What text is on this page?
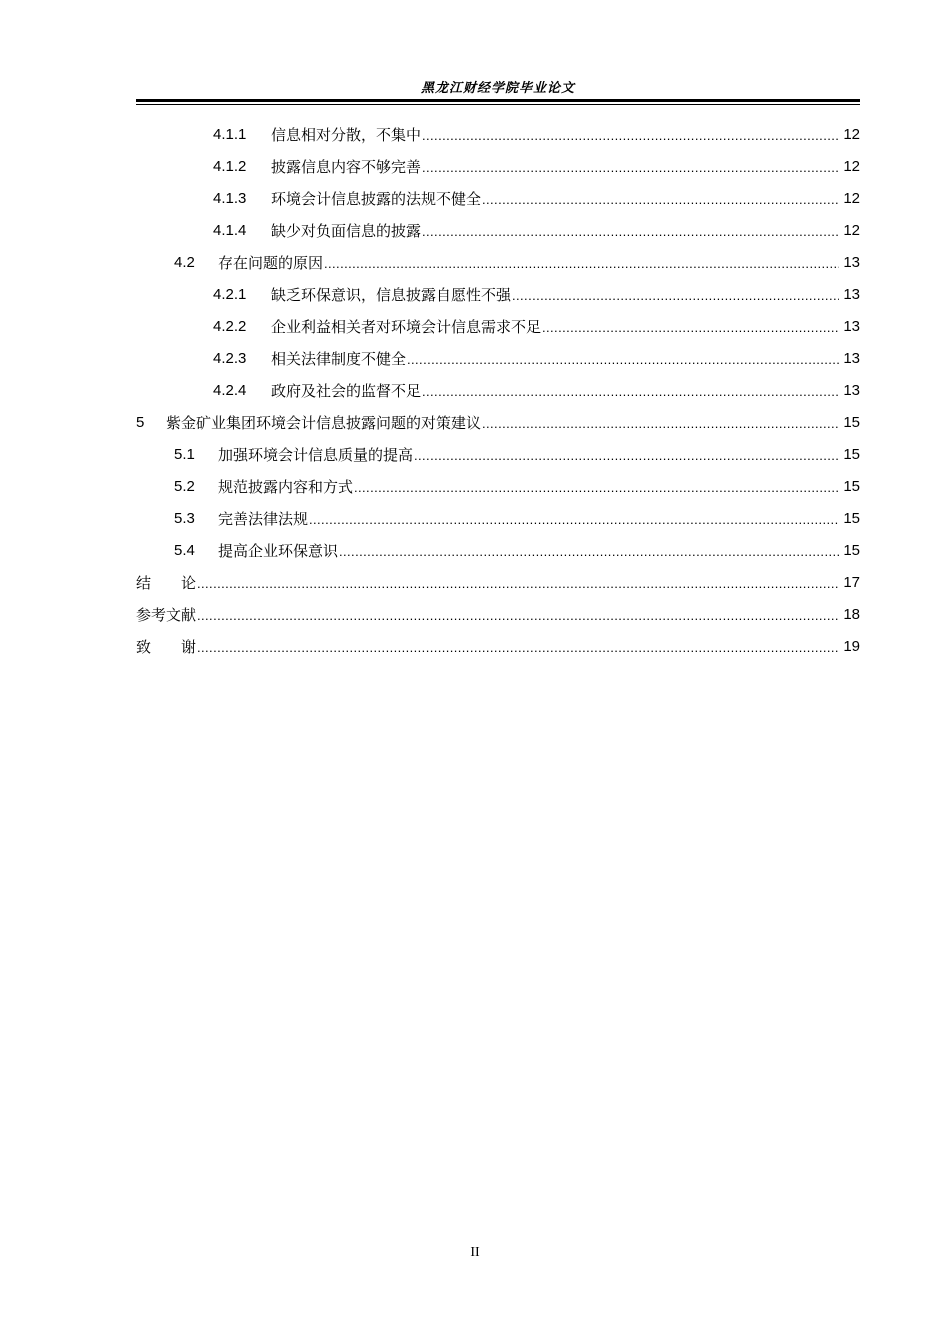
黑龙江财经学院毕业论文
4.1.1	信息相对分散，不集中 .....	12
4.1.2	披露信息内容不够完善 .....	12
4.1.3	环境会计信息披露的法规不健全 .....	12
4.1.4	缺少对负面信息的披露 .....	12
4.2	存在问题的原因 .....	13
4.2.1	缺乏环保意识，信息披露自愿性不强 .....	13
4.2.2	企业利益相关者对环境会计信息需求不足 .....	13
4.2.3	相关法律制度不健全 .....	13
4.2.4	政府及社会的监督不足 .....	13
5	紫金矿业集团环境会计信息披露问题的对策建议 .....	15
5.1	加强环境会计信息质量的提高 .....	15
5.2	规范披露内容和方式 .....	15
5.3	完善法律法规 .....	15
5.4	提高企业环保意识 .....	15
结　　论 .....	17
参考文献 .....	18
致　　谢 .....	19
II
